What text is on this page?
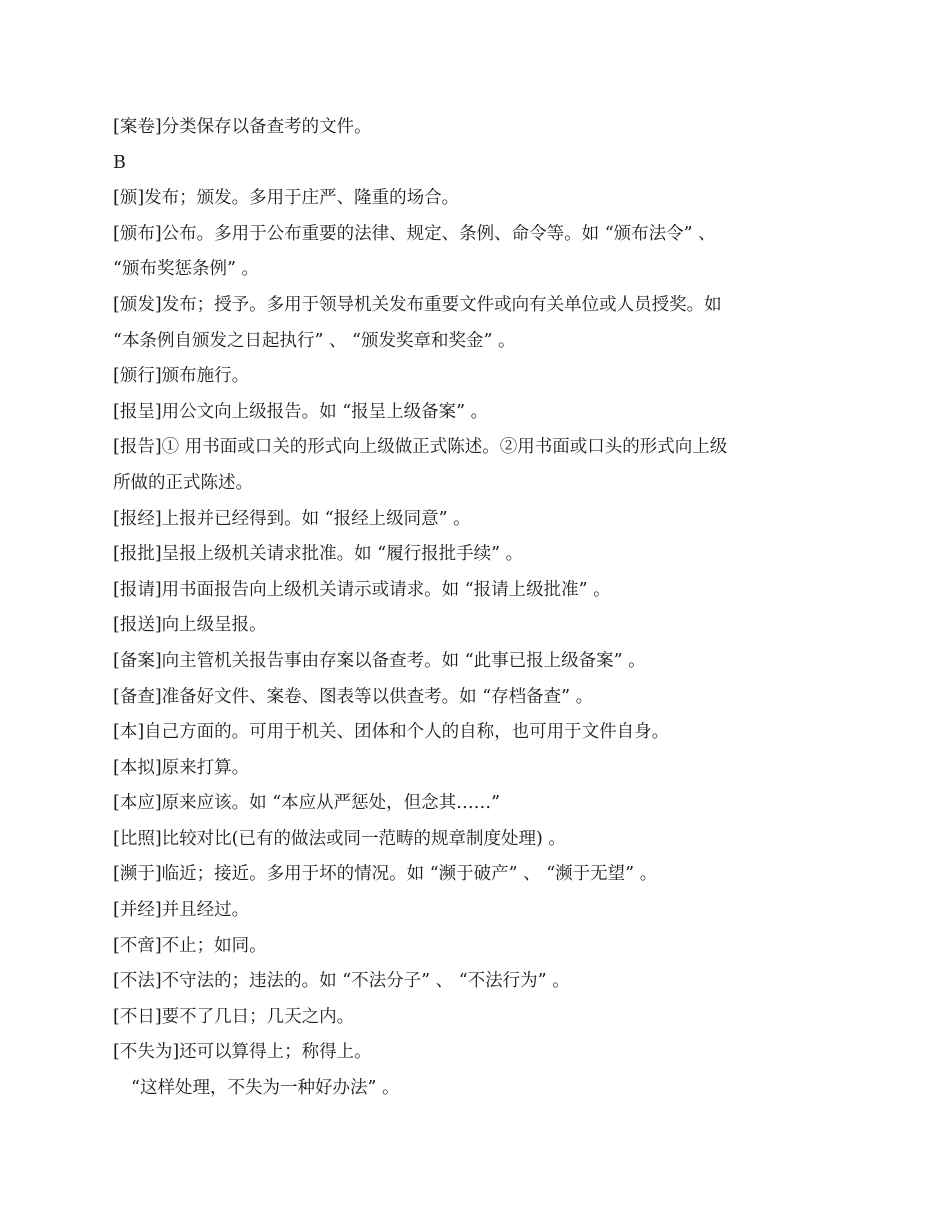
[案卷]分类保存以备查考的文件。

B

[颁]发布；颁发。多用于庄严、隆重的场合。

[颁布]公布。多用于公布重要的法律、规定、条例、命令等。如 “颁布法令” 、

“颁布奖惩条例” 。

[颁发]发布；授予。多用于领导机关发布重要文件或向有关单位或人员授奖。如

“本条例自颁发之日起执行” 、 “颁发奖章和奖金” 。

[颁行]颁布施行。

[报呈]用公文向上级报告。如 “报呈上级备案” 。

[报告]① 用书面或口关的形式向上级做正式陈述。②用书面或口头的形式向上级

所做的正式陈述。

[报经]上报并已经得到。如 “报经上级同意” 。

[报批]呈报上级机关请求批准。如 “履行报批手续” 。

[报请]用书面报告向上级机关请示或请求。如 “报请上级批准” 。

[报送]向上级呈报。

[备案]向主管机关报告事由存案以备查考。如 “此事已报上级备案” 。

[备查]准备好文件、案卷、图表等以供查考。如 “存档备查” 。

[本]自己方面的。可用于机关、团体和个人的自称，也可用于文件自身。

[本拟]原来打算。

[本应]原来应该。如 “本应从严惩处，但念其……”

[比照]比较对比(已有的做法或同一范畴的规章制度处理) 。

[濒于]临近；接近。多用于坏的情况。如 “濒于破产” 、 “濒于无望” 。

[并经]并且经过。

[不啻]不止；如同。

[不法]不守法的；违法的。如 “不法分子” 、 “不法行为” 。

[不日]要不了几日；几天之内。

[不失为]还可以算得上；称得上。

“这样处理，不失为一种好办法” 。
